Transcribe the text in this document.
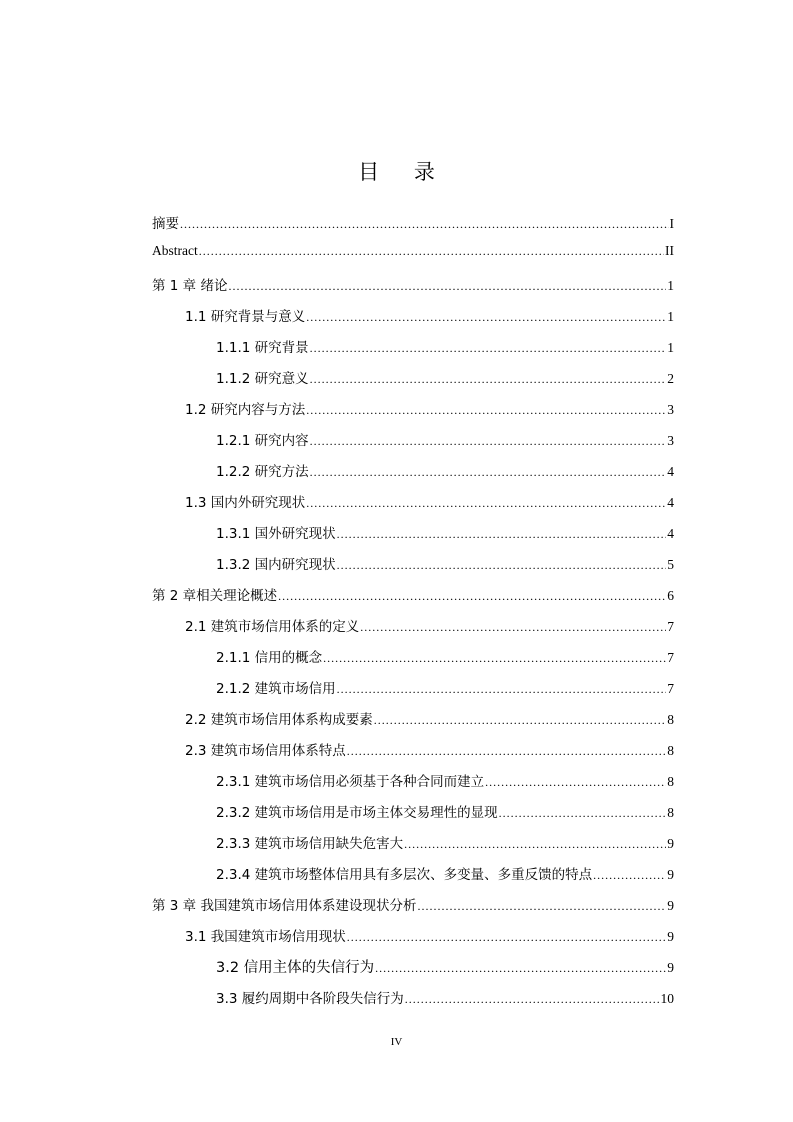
目 录
摘要 .....	I
Abstract .....	II
第 1 章 绪论 .....	1
1.1 研究背景与意义 .....	1
1.1.1 研究背景 .....	1
1.1.2 研究意义 .....	2
1.2 研究内容与方法 .....	3
1.2.1 研究内容 .....	3
1.2.2 研究方法 .....	4
1.3 国内外研究现状 .....	4
1.3.1 国外研究现状 .....	4
1.3.2 国内研究现状 .....	5
第 2 章相关理论概述 .....	6
2.1 建筑市场信用体系的定义 .....	7
2.1.1 信用的概念 .....	7
2.1.2 建筑市场信用 .....	7
2.2 建筑市场信用体系构成要素 .....	8
2.3 建筑市场信用体系特点 .....	8
2.3.1 建筑市场信用必须基于各种合同而建立 .....	8
2.3.2 建筑市场信用是市场主体交易理性的显现 .....	8
2.3.3 建筑市场信用缺失危害大 .....	9
2.3.4 建筑市场整体信用具有多层次、多变量、多重反馈的特点 .....	9
第 3 章 我国建筑市场信用体系建设现状分析 .....	9
3.1 我国建筑市场信用现状 .....	9
3.2 信用主体的失信行为 .....	9
3.3 履约周期中各阶段失信行为 .....	10
IV
